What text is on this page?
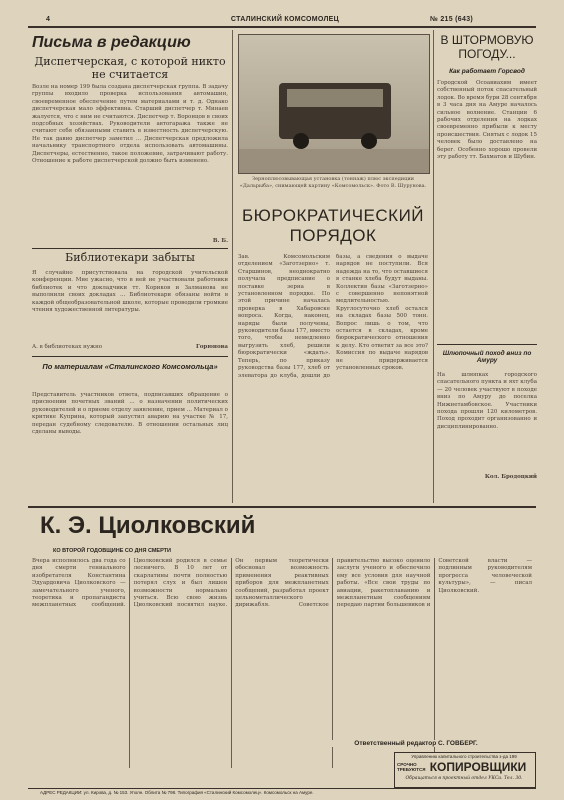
4	СТАЛИНСКИЙ КОМСОМОЛЕЦ	№ 215 (643)
Письма в редакцию
Диспетчерская, с которой никто не считается
Возле на номер 199 была создана диспетчерская группа. В задачу группы входило проверка использования автомашин, своевременное обеспечение путем материалами и т. д. Однако диспетчерская мало эффективна. Старший диспетчер т. Минаев жалуется, что с ним не считаются. Диспетчер т. Воронцов в своих подсобных хозяйствах. Руководители автогаража также не считают себя обязанными ставить в известность диспетчерскую. Не так давно диспетчер заметил ... Диспетчерская предложила начальнику транспортного отдела использовать автомашины. Диспетчеры, естественно, такое положение, затрачивают работу. Отношение к работе диспетчерской должно быть изменено.
В. Б.
Библиотекари забыты
Я случайно присутствовала на городской учительской конференции. Мне ужасно, что в ней не участвовали работники библиотек и что докладчики тт. Кориков и Залманова не выполнили своих докладах ... Библиотекари обязаны войти в каждой общеобразовательной школе, которые проводили громкие чтения художественной литературы.
А. в библиотеках нужно	Горюнова
По материалам «Сталинского Комсомольца»
Представитель участников ответа, подписавших обращение о присвоении почетных званий ... о назначении политических руководителей и о приеме отделу заявление, прием ... Материал о критике Куприна, который запустил аварию на участке № 17, передан судебному следователю. В отношении остальных лиц сделаны выводы.
Зерноплюсовывающая установка (тоннаж) плюс экспедиции «Дальрыба», снимающей картину «Комсомольск». Фото В. Шурунова.
БЮРОКРАТИЧЕСКИЙ ПОРЯДОК
Зав. Комсомольским отделением «Заготзерно» т. Старшинов, неоднократно получала предписание о поставке зерна в установленном порядке. По этой причине началась проверка в Хабаровске вопроса. Когда, наконец, наряды были получены, руководители базы 177, вместо того, чтобы немедленно выгрузить хлеб, решили бюрократически «ждать». Теперь, по приказу руководства базы 177, хлеб от элеватора до клуба, дошли до базы, а сведения о выдаче нарядов не поступили. Вся надежда на то, что оставшиеся в станке хлеба будут выданы. Коллектив базы «Заготзерно» с совершенно непонятной медлительностью. Круглосуточно хлеб остался на складах базы 500 тонн. Вопрос лишь о том, что остается в складах, кроме бюрократического отношения к делу. Кто ответит за все это? Комиссия по выдаче нарядов не придерживается установленных сроков.
В ШТОРМОВУЮ ПОГОДУ...
Как работает Горсвод
Городской Осоавиахим имеет собственный поток спасательный лодок. Во время бури 28 сентября в 3 часа дня на Амуре началось сильное волнение. Станции 6 рабочих отделения на лодках своевременно прибыли к месту происшествия. Снятых с лодок 15 человек было доставлено на берег. Особенно хорошо провели эту работу тт. Бахматов и Шубин.
Шлюпочный поход вниз по Амуру
На шлюпках городского спасательного пункта и яхт клуба — 20 человек участвуют в походе вниз по Амуру до поселка Нижнетамбовское. Участники похода прошли 120 километров. Поход проходит организованно и дисциплинированно.
Кол. Бродоцкий
К. Э. Циолковский
КО ВТОРОЙ ГОДОВЩИНЕ СО ДНЯ СМЕРТИ
Вчера исполнилось два года со дня смерти гениального изобретателя Константина Эдуардовича Циолковского — замечательного ученого, теоретика и пропагандиста межпланетных сообщений. Циолковский родился в семье лесничего. В 10 лет от скарлатины почти полностью потерял слух и был лишен возможности нормально учиться. Всю свою жизнь Циолковский посвятил науке. Он первым теоретически обосновал возможность применения реактивных приборов для межпланетных сообщений, разработал проект цельнометаллического дирижабля. Советское правительство высоко оценило заслуги ученого и обеспечило ему все условия для научной работы. «Все свои труды по авиации, ракетоплаванию и межпланетным сообщениям передаю партии большевиков и Советской власти — подлинным руководителям прогресса человеческой культуры», — писал Циолковский.
Ответственный редактор С. ГОВБЕРГ.
Управлению капитального строительства з-да 199
СРОЧНО ТРЕБУЮТСЯ КОПИРОВЩИКИ
Обращаться в проектный отдел УКСа. Тел. 30.
АДРЕС РЕДАКЦИИ: ул. Кирова, д. № 153. Уполн. Облита № 798. Типография «Сталинский Комсомолец». Комсомольск на Амуре.
